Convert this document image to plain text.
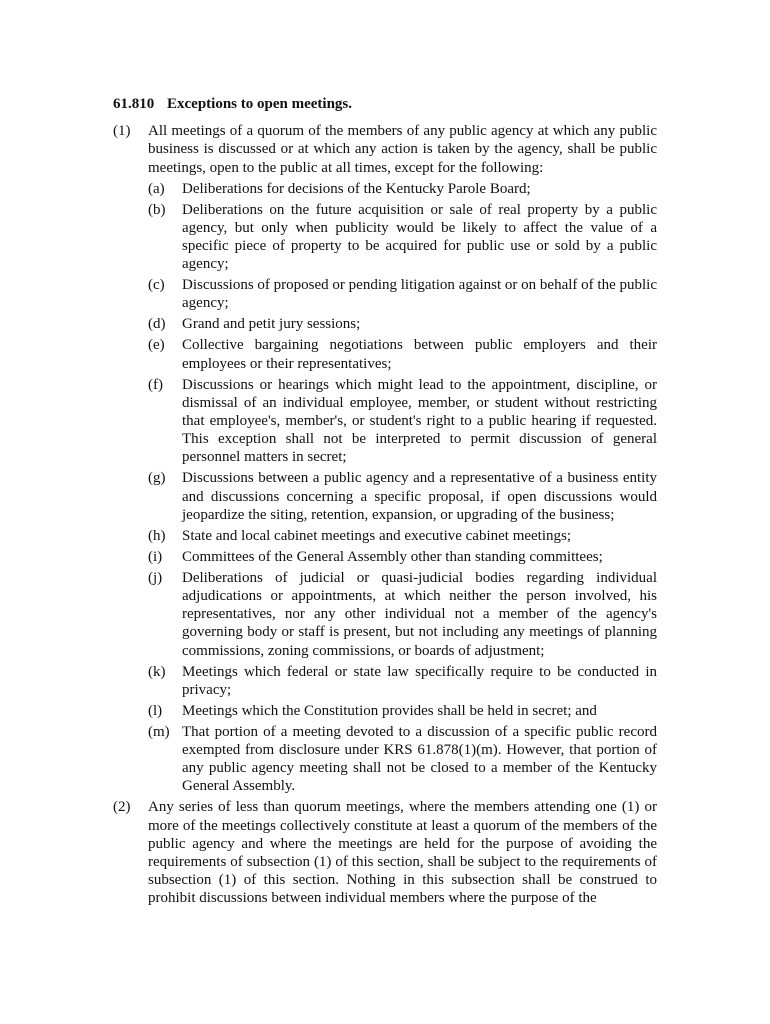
61.810 Exceptions to open meetings.
(1) All meetings of a quorum of the members of any public agency at which any public business is discussed or at which any action is taken by the agency, shall be public meetings, open to the public at all times, except for the following:
(a) Deliberations for decisions of the Kentucky Parole Board;
(b) Deliberations on the future acquisition or sale of real property by a public agency, but only when publicity would be likely to affect the value of a specific piece of property to be acquired for public use or sold by a public agency;
(c) Discussions of proposed or pending litigation against or on behalf of the public agency;
(d) Grand and petit jury sessions;
(e) Collective bargaining negotiations between public employers and their employees or their representatives;
(f) Discussions or hearings which might lead to the appointment, discipline, or dismissal of an individual employee, member, or student without restricting that employee's, member's, or student's right to a public hearing if requested. This exception shall not be interpreted to permit discussion of general personnel matters in secret;
(g) Discussions between a public agency and a representative of a business entity and discussions concerning a specific proposal, if open discussions would jeopardize the siting, retention, expansion, or upgrading of the business;
(h) State and local cabinet meetings and executive cabinet meetings;
(i) Committees of the General Assembly other than standing committees;
(j) Deliberations of judicial or quasi-judicial bodies regarding individual adjudications or appointments, at which neither the person involved, his representatives, nor any other individual not a member of the agency's governing body or staff is present, but not including any meetings of planning commissions, zoning commissions, or boards of adjustment;
(k) Meetings which federal or state law specifically require to be conducted in privacy;
(l) Meetings which the Constitution provides shall be held in secret; and
(m) That portion of a meeting devoted to a discussion of a specific public record exempted from disclosure under KRS 61.878(1)(m). However, that portion of any public agency meeting shall not be closed to a member of the Kentucky General Assembly.
(2) Any series of less than quorum meetings, where the members attending one (1) or more of the meetings collectively constitute at least a quorum of the members of the public agency and where the meetings are held for the purpose of avoiding the requirements of subsection (1) of this section, shall be subject to the requirements of subsection (1) of this section. Nothing in this subsection shall be construed to prohibit discussions between individual members where the purpose of the
